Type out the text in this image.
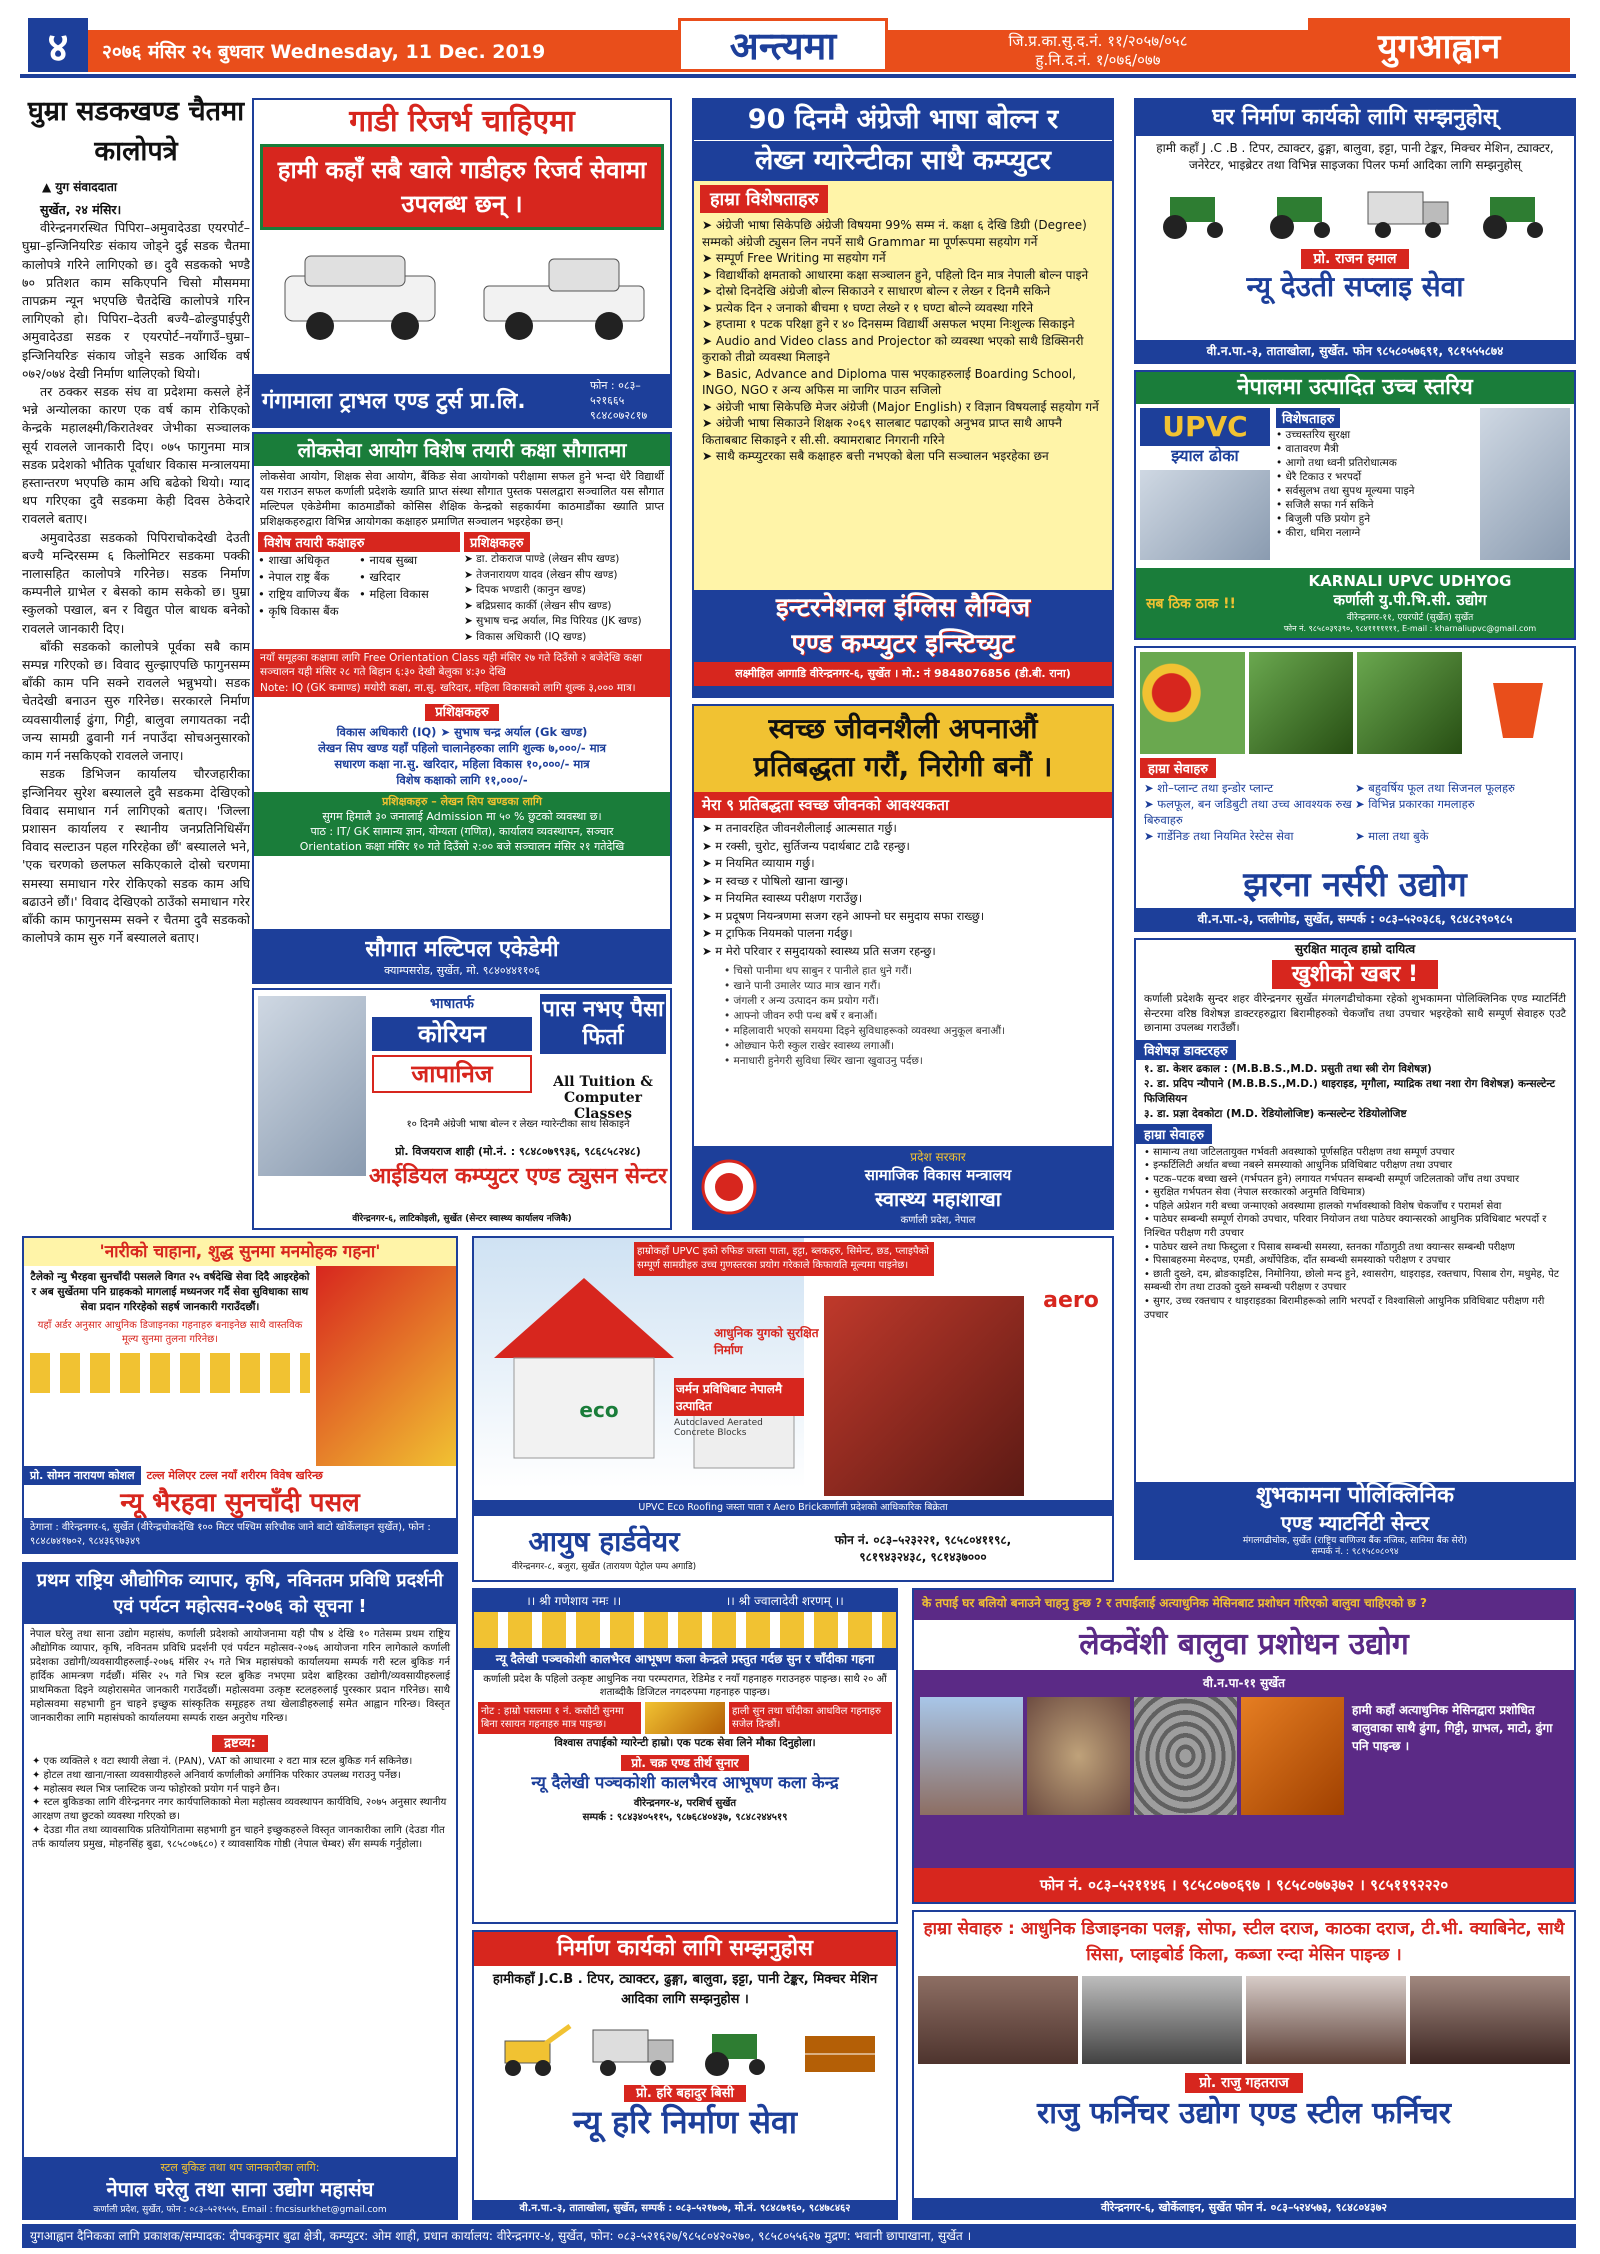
४	२०७६ मंसिर २५ बुधवार Wednesday, 11 Dec. 2019	अन्त्यमा	जि.प्र.का.सु.द.नं. ११/२०५७/०५८
हु.नि.द.नं. १/०७६/०७७	युगआह्वान
घुम्रा सडकखण्ड चैतमा कालोपत्रे
▲ युग संवाददाता

सुर्खेत, २४ मंसिर।

वीरेन्द्रनगरस्थित पिपिरा–अमुवादेउडा एयरपोर्ट–घुम्रा–इन्जिनियरिङ संकाय जोड्ने दुई सडक चैतमा कालोपत्रे गरिने लागिएको छ। दुवै सडकको भण्डै ७० प्रतिशत काम सकिएपनि चिसो मौसममा तापक्रम न्यून भएपछि चैतदेखि कालोपत्रे गरिन लागिएको हो। पिपिरा–देउती बज्यै–ढोल्डुपाईपुरी अमुवादेउडा सडक र एयरपोर्ट–नयाँगाउँ–घुम्रा–इन्जिनियरिङ संकाय जोड्ने सडक आर्थिक वर्ष ०७२/०७४ देखी निर्माण थालिएको थियो।

तर ठक्कर सडक संघ वा प्रदेशमा कसले हेर्ने भन्ने अन्योलका कारण एक वर्ष काम रोकिएको केन्द्रके महालक्ष्मी/किरातेश्वर जेभीका सञ्चालक सूर्य रावलले जानकारी दिए। ०७५ फागुनमा मात्र सडक प्रदेशको भौतिक पूर्वाधार विकास मन्त्रालयमा हस्तान्तरण भएपछि काम अघि बढेको थियो। ग्याद थप गरिएका दुवै सडकमा केही दिवस ठेकेदारे रावलले बताए।

अमुवादेउडा सडकको पिपिराचोकदेखी देउती बज्यै मन्दिरसम्म ६ किलोमिटर सडकमा पक्की नालासहित कालोपत्रे गरिनेछ। सडक निर्माण कम्पनीले ग्राभेल र बेसको काम सकेको छ। घुम्रा स्कुलको पखाल, बन र विद्युत पोल बाधक बनेको रावलले जानकारी दिए।

बाँकी सडकको कालोपत्रे पूर्वका सबै काम सम्पन्न गरिएको छ। विवाद सुल्झाएपछि फागुनसम्म बाँकी काम पनि सक्ने रावलले भन्नुभयो। सडक चेतदेखी बनाउन सुरु गरिनेछ। सरकारले निर्माण व्यवसायीलाई ढुंगा, गिट्टी, बालुवा लगायतका नदी जन्य सामग्री ढुवानी गर्न नपाउँदा सोचअनुसारको काम गर्न नसकिएको रावलले जनाए।

सडक डिभिजन कार्यालय चौरजहारीका इन्जिनियर सुरेश बस्यालले दुवै सडकमा देखिएको विवाद समाधान गर्न लागिएको बताए। 'जिल्ला प्रशासन कार्यालय र स्थानीय जनप्रतिनिधिसँग विवाद सल्टाउन पहल गरिरहेका छौं' बस्यालले भने, 'एक चरणको छलफल सकिएकाले दोस्रो चरणमा समस्या समाधान गरेर रोकिएको सडक काम अघि बढाउने छौं।' विवाद देखिएको ठाउँको समाधान गरेर बाँकी काम फागुनसम्म सक्ने र चैतमा दुवै सडकको कालोपत्रे काम सुरु गर्ने बस्यालले बताए।

गाडी रिजर्भ चाहिएमा
हामी कहाँ सबै खाले गाडीहरु रिजर्व सेवामा उपलब्ध छन् ।
गंगामाला ट्राभल एण्ड टुर्स प्रा.लि.
फोन : ०८३–५२१६६५ ९८४८०७२८१७
90 दिनमै अंग्रेजी भाषा बोल्न र
लेख्न ग्यारेन्टीका साथै कम्प्युटर
हाम्रा विशेषताहरु
➤ अंग्रेजी भाषा सिकेपछि अंग्रेजी विषयमा 99% सम्म नं. कक्षा ६ देखि डिग्री (Degree) सम्मको अंग्रेजी ट्युसन लिन नपर्ने साथै Grammar मा पूर्णरूपमा सहयोग गर्ने
➤ सम्पूर्ण Free Writing मा सहयोग गर्ने
➤ विद्यार्थीको क्षमताको आधारमा कक्षा सञ्चालन हुने, पहिलो दिन मात्र नेपाली बोल्न पाइने
➤ दोस्रो दिनदेखि अंग्रेजी बोल्न सिकाउने र साधारण बोल्न र लेख्न र दिनमै सकिने
➤ प्रत्येक दिन २ जनाको बीचमा १ घण्टा लेख्ने र १ घण्टा बोल्ने व्यवस्था गरिने
➤ हप्तामा १ पटक परिक्षा हुने र ४० दिनसम्म विद्यार्थी असफल भएमा निःशुल्क सिकाइने
➤ Audio and Video class and Projector को व्यवस्था भएको साथै डिक्सिनरी कुराको तीव्रो व्यवस्था मिलाइने
➤ Basic, Advance and Diploma पास भएकाहरुलाई Boarding School, INGO, NGO र अन्य अफिस मा जागिर पाउन सजिलो
➤ अंग्रेजी भाषा सिकेपछि मेजर अंग्रेजी (Major English) र विज्ञान विषयलाई सहयोग गर्ने
➤ अंग्रेजी भाषा सिकाउने शिक्षक २०६९ सालबाट पढाएको अनुभव प्राप्त साथै आफ्नै किताबबाट सिकाइने र सी.सी. क्यामराबाट निगरानी गरिने
➤ साथै कम्प्युटरका सबै कक्षाहरु बत्ती नभएको बेला पनि सञ्चालन भइरहेका छन
इन्टरनेशनल इंग्लिस लैग्विज
एण्ड कम्प्युटर इन्स्टिच्युट
लक्ष्मीहिल आगाडि वीरेन्द्रनगर-६, सुर्खेत । मो.: नं 9848076856 (डी.बी. राना)
घर निर्माण कार्यको लागि सम्झनुहोस्
हामी कहाँ J .C .B . टिपर, ट्याक्टर, ढुङ्गा, बालुवा, इट्टा, पानी टेङ्कर, मिक्चर मेशिन, ट्याक्टर, जनेरेटर, भाइब्रेटर तथा विभिन्न साइजका पिलर फर्मा आदिका लागि सम्झनुहोस्
प्रो. राजन हमाल
न्यू देउती सप्लाइ सेवा
वी.न.पा.-३, ताताखोला, सुर्खेत. फोन ९८५८०५७६९१, ९८१५५५८७४
नेपालमा उत्पादित उच्च स्तरिय
UPVC
झ्याल ढोका
विशेषताहरु
• उच्चस्तरिय सुरक्षा
• वातावरण मैत्री
• आगो तथा ध्वनी प्रतिरोधात्मक
• धेरै टिकाउ र भरपर्दो
• सर्वसुलभ तथा सुपथ मूल्यमा पाइने
• सजिलै सफा गर्न सकिने
• बिजुली पछि प्रयोग हुने
• कीरा, धमिरा नलाग्ने
सब ठिक ठाक !!
KARNALI UPVC UDHYOG
कर्णाली यु.पी.भि.सी. उद्योग
वीरेन्द्रनगर-११, एयरपोर्ट (सुर्खेत) सुर्खेत
फोन नं. ९८५८०३९३९०, ९८४१११११११, E-mail : kharnaliupvc@gmail.com
लोकसेवा आयोग विशेष तयारी कक्षा सौगातमा
लोकसेवा आयोग, शिक्षक सेवा आयोग, बैंकिङ सेवा आयोगको परीक्षामा सफल हुने भन्दा धेरै विद्यार्थी यस गराउन सफल कर्णाली प्रदेशके ख्याति प्राप्त संस्था सौगात पुस्तक पसलद्वारा सञ्चालित यस सौगात मल्टिपल एकेडेमीमा काठमाडौंको कोसिस शैक्षिक केन्द्रको सहकार्यमा काठमाडौंका ख्याति प्राप्त प्रशिक्षकहरुद्वारा विभिन्न आयोगका कक्षाहरु प्रमाणित सञ्चालन भइरहेका छन्।
विशेष तयारी कक्षाहरु
• शाखा अधिकृत	• नायब सुब्बा
• नेपाल राष्ट्र बैंक	• खरिदार
• राष्ट्रिय वाणिज्य बैंक • महिला विकास
• कृषि विकास बैंक
प्रशिक्षकहरु
➤ डा. टोकराज पाण्डे (लेखन सीप खण्ड)
➤ तेजनारायण यादव (लेखन सीप खण्ड)
➤ दिपक भण्डारी (कानुन खण्ड)
➤ बद्रिप्रसाद कार्की (लेखन सीप खण्ड)
➤ सुभाष चन्द्र अर्याल, मिड पिरियड (JK खण्ड)
➤ विकास अधिकारी (IQ खण्ड)
नयाँ समूहका कक्षामा लागि Free Orientation Class यही मंसिर २७ गते दिउँसो २ बजेदेखि कक्षा सञ्चालन यही मंसिर २८ गते बिहान ६:३० देखी बेलुका ४:३० देखि
Note: IQ (GK कमाण्ड) मयोरी कक्षा, ना.सु. खरिदार, महिला विकासको लागि शुल्क ३,००० मात्र।
प्रशिक्षकहरु
विकास अधिकारी (IQ) ➤ सुभाष चन्द्र अर्याल (Gk खण्ड)
लेखन सिप खण्ड यहाँ पहिलो चालानेहरुका लागि शुल्क ७,०००/- मात्र
सधारण कक्षा ना.सु. खरिदार, महिला विकास १०,०००/- मात्र
विशेष कक्षाको लागि ११,०००/-
प्रशिक्षकहरु – लेखन सिप खण्डका लागि
सुगम हिमालै ३० जनालाई Admission मा ५० % छुटको व्यवस्था छ।
पाठ : IT/ GK सामान्य ज्ञान, योग्यता (गणित), कार्यालय व्यवस्थापन, सञ्चार
Orientation कक्षा मंसिर १० गते दिउँसो २:०० बजे सञ्चालन मंसिर २१ गतेदेखि
सौगात मल्टिपल एकेडेमी
क्याम्पसरोड, सुर्खेत, मो. ९८४०४४११०६
भाषातर्फ
कोरियन
जापानिज
पास नभए पैसा फिर्ता
All Tuition &
Computer Classes
१० दिनमै अंग्रेजी भाषा बोल्न र लेख्न ग्यारेन्टीका साथ सिकाइने
प्रो. विजयराज शाही (मो.नं. : ९८४८०७९९३६, ९८६८५८२४८)
आईडियल कम्प्युटर एण्ड ट्युसन सेन्टर
वीरेन्द्रनगर-६, लाटिकोइली, सुर्खेत (सेन्टर स्वास्थ्य कार्यालय नजिकै)
स्वच्छ जीवनशैली अपनाऔं
प्रतिबद्धता गरौं, निरोगी बनौं ।
मेरा ९ प्रतिबद्धता स्वच्छ जीवनको आवश्यकता
➤ म तनावरहित जीवनशैलीलाई आत्मसात गर्छु।
➤ म रक्सी, चुरोट, सुर्तिजन्य पदार्थबाट टाढै रहन्छु।
➤ म नियमित व्यायाम गर्छु।
➤ म स्वच्छ र पोषिलो खाना खान्छु।
➤ म नियमित स्वास्थ्य परीक्षण गराउँछु।
➤ म प्रदूषण नियन्त्रणमा सजग रहने आफ्नो घर समुदाय सफा राख्छु।
➤ म ट्राफिक नियमको पालना गर्दछु।
➤ म मेरो परिवार र समुदायको स्वास्थ्य प्रति सजग रहन्छु।
• चिसो पानीमा थप साबुन र पानीले हात धुने गरौं।
• खाने पानी उमालेर प्याउ मात्र खान गरौं।
• जंगली र अन्य उत्पादन कम प्रयोग गरौं।
• आफ्नो जीवन रुपी पन्ध बर्षे र बनाऔं।
• महिलावारी भएको समयमा दिइने सुविधाहरूको व्यवस्था अनुकूल बनाऔं।
• ओछ्यान फेरी स्कुल राखेर स्वास्थ्य लगाऔं।
• मनाधारी हुनेगरी सुविधा स्थिर खाना खुवाउनु पर्दछ।
प्रदेश सरकार
सामाजिक विकास मन्त्रालय
स्वास्थ्य महाशाखा
कर्णाली प्रदेश, नेपाल
हाम्रा सेवाहरु
➤ शो–प्लान्ट तथा इन्डोर प्लान्ट	➤ बहुवर्षिय फूल तथा सिजनल फूलहरु
➤ फलफूल, बन जडिबुटी तथा उच्च आवश्यक रुख बिरुवाहरु
➤ विभिन्न प्रकारका गमलाहरु
➤ गार्डेनिङ तथा नियमित रेस्टेस सेवा	➤ माला तथा बुके
झरना नर्सरी उद्योग
वी.न.पा.-३, प्तलीगोड, सुर्खेत, सम्पर्क : ०८३–५२०३८६, ९८४८२९०९८५
सुरक्षित मातृत्व हाम्रो दायित्व
खुशीको खबर !
कर्णाली प्रदेशकै सुन्दर शहर वीरेन्द्रनगर सुर्खेत मंगलगढीचोकमा रहेको शुभकामना पोलिक्लिनिक एण्ड म्याटर्निटी सेन्टरमा वरिष्ठ विशेषज्ञ डाक्टरहरुद्वारा बिरामीहरुको चेकजाँच तथा उपचार भइरहेको साथै सम्पूर्ण सेवाहरु एउटै छानामा उपलब्ध गराउँछौं।
विशेषज्ञ डाक्टरहरु
१. डा. केशर ढकाल : (M.B.B.S.,M.D. प्रसुती तथा स्त्री रोग विशेषज्ञ)
२. डा. प्रदिप न्यौपाने (M.B.B.S.,M.D.) थाइराइड, मृगौला, म्याद्रिक तथा नशा रोग विशेषज्ञ) कन्सल्टेन्ट फिजिसियन
३. डा. प्रज्ञा देवकोटा (M.D. रेडियोलोजिष्ट) कन्सल्टेन्ट रेडियोलोजिष्ट
हाम्रा सेवाहरु
• सामान्य तथा जटिलतायुक्त गर्भवती अवस्थाको पूर्णसहित परीक्षण तथा सम्पूर्ण उपचार
• इन्फर्टिलिटी अर्थात बच्चा नबस्ने समस्याको आधुनिक प्रविधिबाट परीक्षण तथा उपचार
• पटक–पटक बच्चा खस्ने (गर्भपतन हुने) लगायत गर्भपतन सम्बन्धी सम्पूर्ण जटिलताको जाँच तथा उपचार
• सुरक्षित गर्भपतन सेवा (नेपाल सरकारको अनुमति विधिमात्र)
• पहिले अप्रेशन गरी बच्चा जन्माएको अवस्थामा हालको गर्भावस्थाको विशेष चेकजाँच र परामर्श सेवा
• पाठेघर सम्बन्धी सम्पूर्ण रोगको उपचार, परिवार नियोजन तथा पाठेघर क्यान्सरको आधुनिक प्रविधिबाट भरपर्दो र निश्चित परीक्षण गरी उपचार
• पाठेघर खस्ने तथा फिस्टुला र पिसाब सम्बन्धी समस्या, स्तनका गाँठागुठी तथा क्यान्सर सम्बन्धी परीक्षण
• पिसाबहरुमा मेरुदण्ड, एमडी, अर्थोपेडिक, दाँत सम्बन्धी समस्याको परीक्षण र उपचार
• छाती दुख्ने, दम, ब्रोङकाइटिस, निमोनिया, छोलो मन्द हुने, श्वासरोग, थाइराइड, रक्तचाप, पिसाब रोग, मधुमेह, पेट सम्बन्धी रोग तथा टाउको दुख्ने सम्बन्धी परीक्षण र उपचार
• सुगर, उच्च रक्तचाप र थाइराइडका बिरामीहरूको लागि भरपर्दो र विश्वासिलो आधुनिक प्रविधिबाट परीक्षण गरी उपचार
शुभकामना पोलिक्लिनिक
एण्ड म्याटर्निटी सेन्टर
मंगलगढीचोक, सुर्खेत (राष्ट्रिय बाणिज्य बैंक नजिक, सानिमा बैंक सेरो)
सम्पर्क नं. : ९८१५८०८०९४
'नारीको चाहाना, शुद्ध सुनमा मनमोहक गहना'
टैलेको न्यु भैरहवा सुनचाँदी पसलले विगत २५ वर्षदेखि सेवा दिदै आइरहेको र अब सुर्खेतमा पनि ग्राहकको मागलाई मध्यनजर गर्दै सेवा सुविधाका साथ सेवा प्रदान गरिरहेको सहर्ष जानकारी गराउँदछौं।
यहाँ अर्डर अनुसार आधुनिक डिजाइनका गहनाहरु बनाइनेछ साथै वास्तविक मूल्य सुनमा तुलना गरिनेछ।
प्रो. सोमन नारायण कोशल	टल्ल मेलिएर टल्ल नयाँ शरीरम विवेष खरिन्छ
न्यू भैरहवा सुनचाँदी पसल
ठेगाना : वीरेन्द्रनगर-६, सुर्खेत (वीरेन्द्रचोकदेखि १०० मिटर पश्चिम सरिचौक जाने बाटो खोर्केलाइन सुर्खेत), फोन : ९८४८७४१७०२, ९८४३६९७३४९
हाम्रोकहाँ UPVC इको रुफिङ जस्ता पाता, इट्टा, ब्लकहरु, सिमेन्ट, छड, प्लाइपैको सम्पूर्ण सामग्रीहरु उच्च गुणस्तरका प्रयोग गरेकाले किफायति मूल्यमा पाइनेछ।
आधुनिक युगको सुरक्षित निर्माण
जर्मन प्रविधिबाट नेपालमै उत्पादित
Autoclaved Aerated Concrete Blocks
aero
eco
UPVC Eco Roofing जस्ता पाता र Aero Brickकर्णाली प्रदेशको आधिकारिक बिक्रेता
आयुष हार्डवेयर
वीरेन्द्रनगर-८, बजुरा, सुर्खेत (तारायण पेट्रोल पम्प अगाडि)
फोन नं. ०८३–५२३२२१, ९८५८०४११९८,
९८१९४३२४३८, ९८१४३७०००
प्रथम राष्ट्रिय औद्योगिक व्यापार, कृषि, नविनतम प्रविधि प्रदर्शनी एवं पर्यटन महोत्सव-२०७६ को सूचना !
नेपाल घरेलु तथा साना उद्योग महासंघ, कर्णाली प्रदेशको आयोजनामा यही पौष ४ देखि १० गतेसम्म प्रथम राष्ट्रिय औद्योगिक व्यापार, कृषि, नविनतम प्रविधि प्रदर्शनी एवं पर्यटन महोत्सव-२०७६ आयोजना गरिन लागेकाले कर्णाली प्रदेशका उद्योगी/व्यवसायीहरुलाई-२०७६ मंसिर २५ गते भित्र महासंघको कार्यालयमा सम्पर्क गरी स्टल बुकिङ गर्न हार्दिक आमन्त्रण गर्दछौं। मंसिर २५ गते भित्र स्टल बुकिङ नभएमा प्रदेश बाहिरका उद्योगी/व्यवसायीहरुलाई प्राथमिकता दिइने व्यहोरासमेत जानकारी गराउँदछौं। महोत्सवमा उत्कृष्ट स्टलहरुलाई पुरस्कार प्रदान गरिनेछ। साथै महोत्सवमा सहभागी हुन चाहने इच्छुक सांस्कृतिक समूहहरु तथा खेलाडीहरुलाई समेत आह्वान गरिन्छ। विस्तृत जानकारीका लागि महासंघको कार्यालयमा सम्पर्क राख्न अनुरोध गरिन्छ।
द्रष्टव्य:
✦ एक व्यक्तिले १ वटा स्थायी लेखा नं. (PAN), VAT को आधारमा २ वटा मात्र स्टल बुकिङ गर्न सकिनेछ।
✦ होटल तथा खाना/नास्ता व्यवसायीहरुले अनिवार्य कर्णालीको अर्गानिक परिकार उपलब्ध गराउनु पर्नेछ।
✦ महोत्सव स्थल भित्र प्लास्टिक जन्य फोहोरको प्रयोग गर्न पाइने छैन।
✦ स्टल बुकिङका लागि वीरेन्द्रनगर नगर कार्यपालिकाको मेला महोत्सव व्यवस्थापन कार्यविधि, २०७५ अनुसार स्थानीय आरक्षण तथा छुटको व्यवस्था गरिएको छ।
✦ देउडा गीत तथा व्यावसायिक प्रतियोगितामा सहभागी हुन चाहने इच्छुकहरुले विस्तृत जानकारीका लागि (देउडा गीत तर्फ कार्यालय प्रमुख, मोहनसिंह बुढा, ९८५८०७६८०) र व्यावसायिक गोष्ठी (नेपाल चेम्बर) सँग सम्पर्क गर्नुहोला।
स्टल बुकिङ तथा थप जानकारीका लागि:
नेपाल घरेलु तथा साना उद्योग महासंघ
कर्णाली प्रदेश, सुर्खेत, फोन : ०८३–५२१५५५, Email : fncsisurkhet@gmail.com
।। श्री गणेशाय नमः ।।	।। श्री ज्वालादेवी शरणम् ।।
न्यू दैलेखी पञ्चकोशी कालभैरव आभूषण कला केन्द्रले प्रस्तुत गर्दछ सुन र चाँदीका गहना
कर्णाली प्रदेश कै पहिलो उत्कृष्ट आधुनिक नया परम्परागत, रेडिमेड र नयाँ गहनाहरु गराउनहरु पाइन्छ। साथै २० औं शताब्दीकै डिजिटल नगदरुपमा गहनाहरु पाइन्छ।
नोट : हाम्रो पसलमा १ नं. कसौटी सुनमा बिना रसायन गहनाहरु मात्र पाइन्छ।
हाली सुन तथा चाँदीका आधविल गहनाहरु सजेल दिन्छौं।
विश्वास तपाईको ग्यारेन्टी हाम्रो। एक पटक सेवा लिने मौका दिनुहोला।
प्रो. चक्र एण्ड तीर्थ सुनार
न्यू दैलेखी पञ्चकोशी कालभैरव आभूषण कला केन्द्र
वीरेन्द्रनगर-४, परशिर्च सुर्खेत
सम्पर्क : ९८४३४०५११५, ९८७६८४०४३७, ९८४८२४४५१९
निर्माण कार्यको लागि सम्झनुहोस
हामीकहाँ J.C.B . टिपर, ट्याक्टर, ढुङ्गा, बालुवा, इट्टा, पानी टेङ्कर, मिक्चर मेशिन आदिका लागि सम्झनुहोस ।
प्रो. हरि बहादुर बिसी
न्यू हरि निर्माण सेवा
वी.न.पा.-३, ताताखोला, सुर्खेत, सम्पर्क : ०८३–५२१७०७, मो.नं. ९८४८७१६०, ९८४७८४६२
के तपाई घर बलियो बनाउने चाहनु हुन्छ ? र तपाईलाई अत्याधुनिक मेसिनबाट प्रशोधन गरिएको बालुवा चाहिएको छ ?
लेकवेंशी बालुवा प्रशोधन उद्योग
वी.न.पा-११ सुर्खेत
हामी कहाँ अत्याधुनिक मेसिनद्वारा प्रशोधित बालुवाका साथै ढुंगा, गिट्टी, ग्राभल, माटो, ढुंगा पनि पाइन्छ ।
फोन नं. ०८३–५२११४६ । ९८५८०७०६९७ । ९८५८०७७३७२ । ९८५११९२२२०
हाम्रा सेवाहरु : आधुनिक डिजाइनका पलङ्ग, सोफा, स्टील दराज, काठका दराज, टी.भी. क्याबिनेट, साथै सिसा, प्लाइबोर्ड किला, कब्जा रन्दा मेसिन पाइन्छ ।
प्रो. राजु गहतराज
राजु फर्निचर उद्योग एण्ड स्टील फर्निचर
वीरेन्द्रनगर-६, खोर्केलाइन, सुर्खेत फोन नं. ०८३–५२४५७३, ९८४८०४३७२
युगआह्वान दैनिकका लागि प्रकाशक/सम्पादक: दीपककुमार बुढा क्षेत्री, कम्प्युटर: ओम शाही, प्रधान कार्यालय: वीरेन्द्रनगर-४, सुर्खेत, फोन: ०८३-५२१६२७/९८५८०४२०२७०, ९८५८०५५६२७ मुद्रण: भवानी छापाखाना, सुर्खेत ।
